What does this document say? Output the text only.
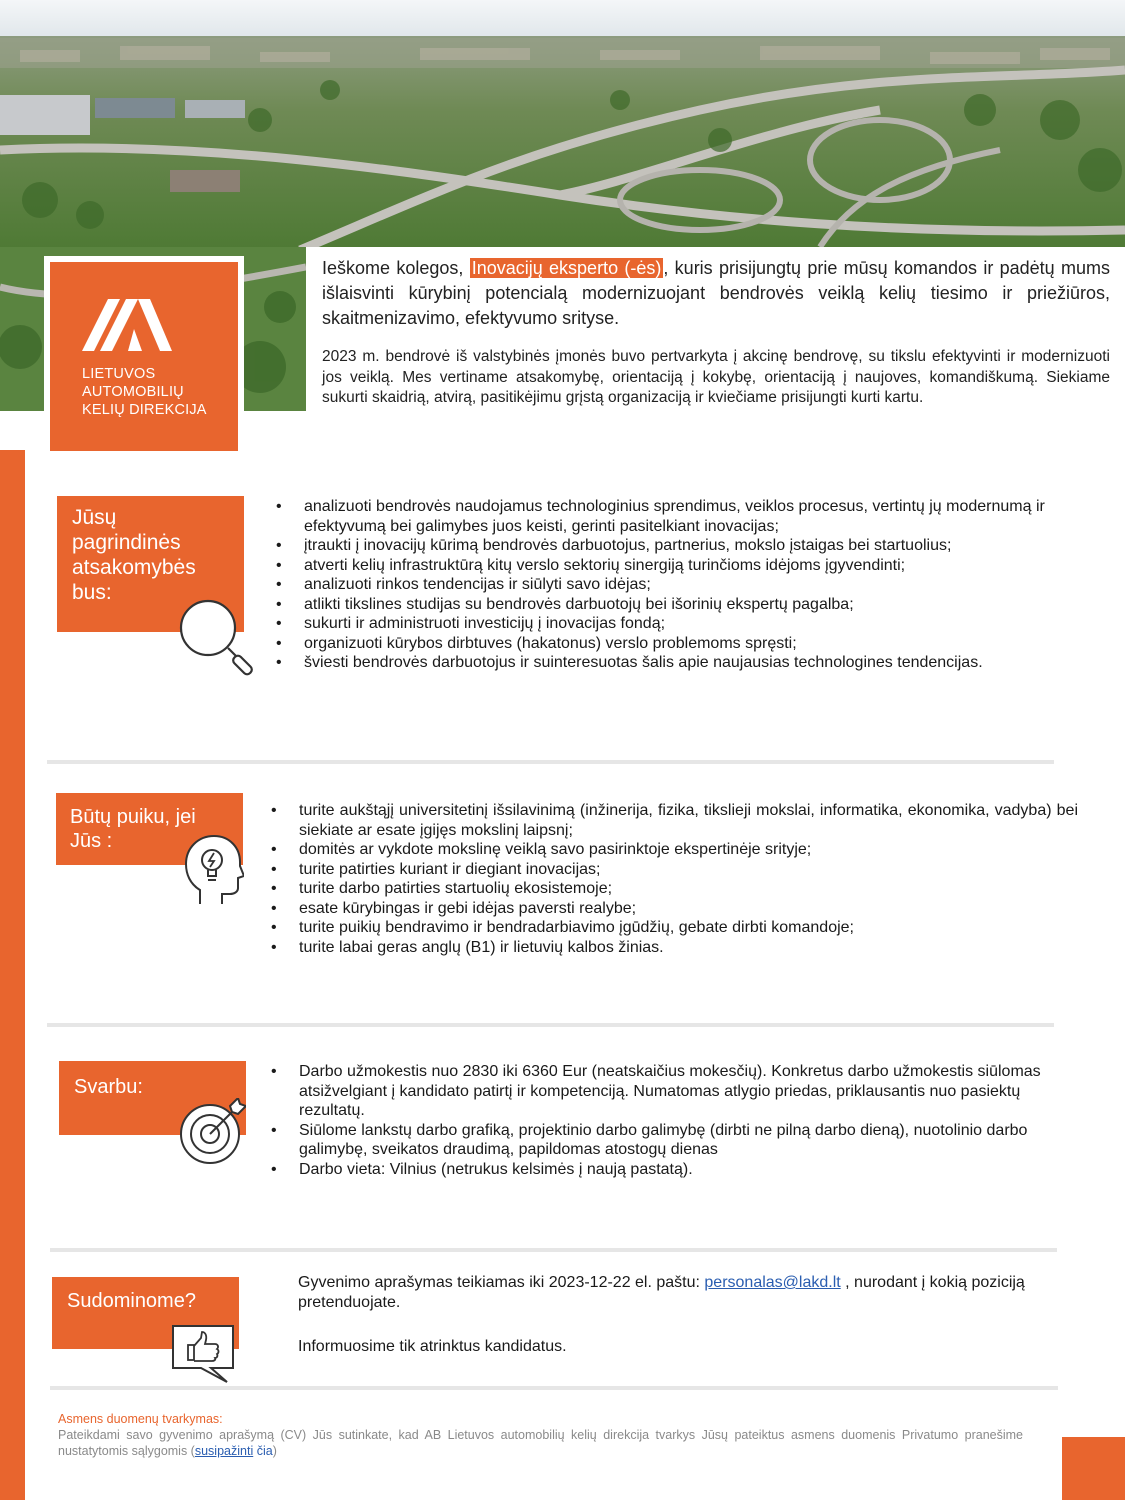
LIETUVOS
AUTOMOBILIŲ
KELIŲ DIREKCIJA

Ieškome kolegos, Inovacijų eksperto (-ės) , kuris prisijungtų prie mūsų komandos ir padėtų mums išlaisvinti kūrybinį potencialą modernizuojant bendrovės veiklą kelių tiesimo ir priežiūros, skaitmenizavimo, efektyvumo srityse.

2023 m. bendrovė iš valstybinės įmonės buvo pertvarkyta į akcinę bendrovę, su tikslu efektyvinti ir modernizuoti jos veiklą. Mes vertiname atsakomybę, orientaciją į kokybę, orientaciją į naujoves, komandiškumą. Siekiame sukurti skaidrią, atvirą, pasitikėjimu grįstą organizaciją ir kviečiame prisijungti kurti kartu.

Jūsų
pagrindinės
atsakomybės
bus:
• analizuoti bendrovės naudojamus technologinius sprendimus, veiklos procesus, vertintų jų modernumą ir efektyvumą bei galimybes juos keisti, gerinti pasitelkiant inovacijas;
• įtraukti į inovacijų kūrimą bendrovės darbuotojus, partnerius, mokslo įstaigas bei startuolius;
• atverti kelių infrastruktūrą kitų verslo sektorių sinergiją turinčioms idėjoms įgyvendinti;
• analizuoti rinkos tendencijas ir siūlyti savo idėjas;
• atlikti tikslines studijas su bendrovės darbuotojų bei išorinių ekspertų pagalba;
• sukurti ir administruoti investicijų į inovacijas fondą;
• organizuoti kūrybos dirbtuves (hakatonus) verslo problemoms spręsti;
• šviesti bendrovės darbuotojus ir suinteresuotas šalis apie naujausias technologines tendencijas.
Būtų puiku, jei
Jūs :
• turite aukštąjį universitetinį išsilavinimą (inžinerija, fizika, tikslieji mokslai, informatika, ekonomika, vadyba) bei siekiate ar esate įgijęs mokslinį laipsnį;
• domitės ar vykdote mokslinę veiklą savo pasirinktoje ekspertinėje srityje;
• turite patirties kuriant ir diegiant inovacijas;
• turite darbo patirties startuolių ekosistemoje;
• esate kūrybingas ir gebi idėjas paversti realybe;
• turite puikių bendravimo ir bendradarbiavimo įgūdžių, gebate dirbti komandoje;
• turite labai geras anglų (B1) ir lietuvių kalbos žinias.
Svarbu:
• Darbo užmokestis nuo 2830 iki 6360 Eur (neatskaičius mokesčių). Konkretus darbo užmokestis siūlomas atsižvelgiant į kandidato patirtį ir kompetenciją. Numatomas atlygio priedas, priklausantis nuo pasiektų rezultatų.
• Siūlome lankstų darbo grafiką, projektinio darbo galimybę (dirbti ne pilną darbo dieną), nuotolinio darbo galimybę, sveikatos draudimą, papildomas atostogų dienas
• Darbo vieta: Vilnius (netrukus kelsimės į naują pastatą).
Sudominome?

Gyvenimo aprašymas teikiamas iki 2023-12-22 el. paštu: personalas@lakd.lt , nurodant į kokią poziciją pretenduojate.

Informuosime tik atrinktus kandidatus.

Asmens duomenų tvarkymas:
Pateikdami savo gyvenimo aprašymą (CV) Jūs sutinkate, kad AB Lietuvos automobilių kelių direkcija tvarkys Jūsų pateiktus asmens duomenis Privatumo pranešime nustatytomis sąlygomis (susipažinti čia)
